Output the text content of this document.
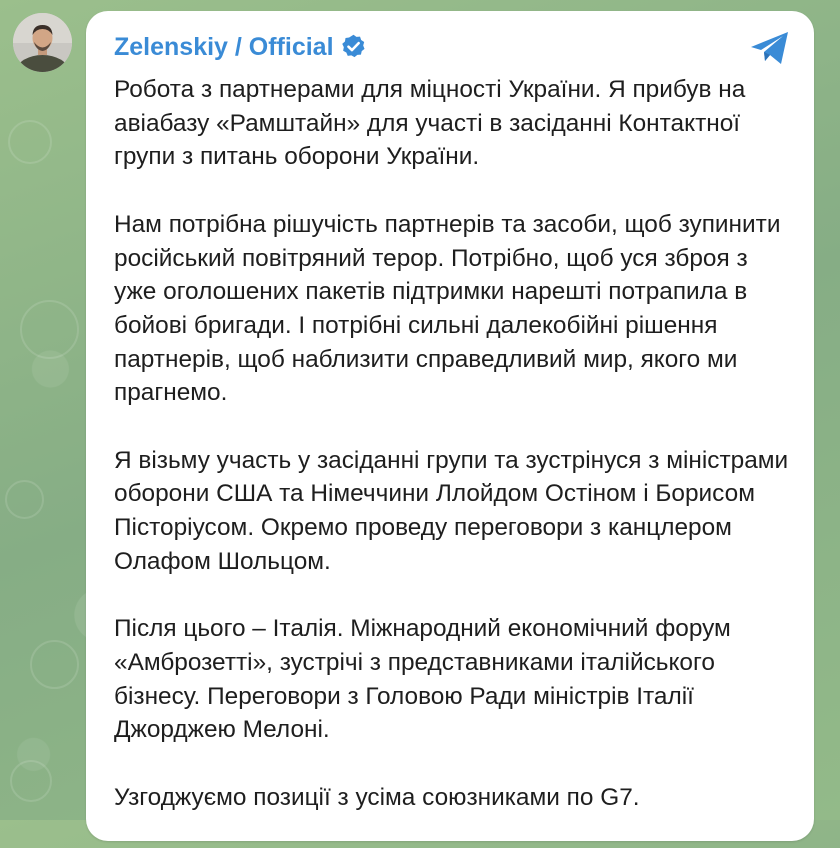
Zelenskiy / Official

Робота з партнерами для міцності України. Я прибув на авіабазу «Рамштайн» для участі в засіданні Контактної групи з питань оборони України.

Нам потрібна рішучість партнерів та засоби, щоб зупинити російський повітряний терор. Потрібно, щоб уся зброя з уже оголошених пакетів підтримки нарешті потрапила в бойові бригади. І потрібні сильні далекобійні рішення партнерів, щоб наблизити справедливий мир, якого ми прагнемо.

Я візьму участь у засіданні групи та зустрінуся з міністрами оборони США та Німеччини Ллойдом Остіном і Борисом Пісторіусом. Окремо проведу переговори з канцлером Олафом Шольцом.

Після цього – Італія. Міжнародний економічний форум «Амброзетті», зустрічі з представниками італійського бізнесу. Переговори з Головою Ради міністрів Італії Джорджею Мелоні.

Узгоджуємо позиції з усіма союзниками по G7.
